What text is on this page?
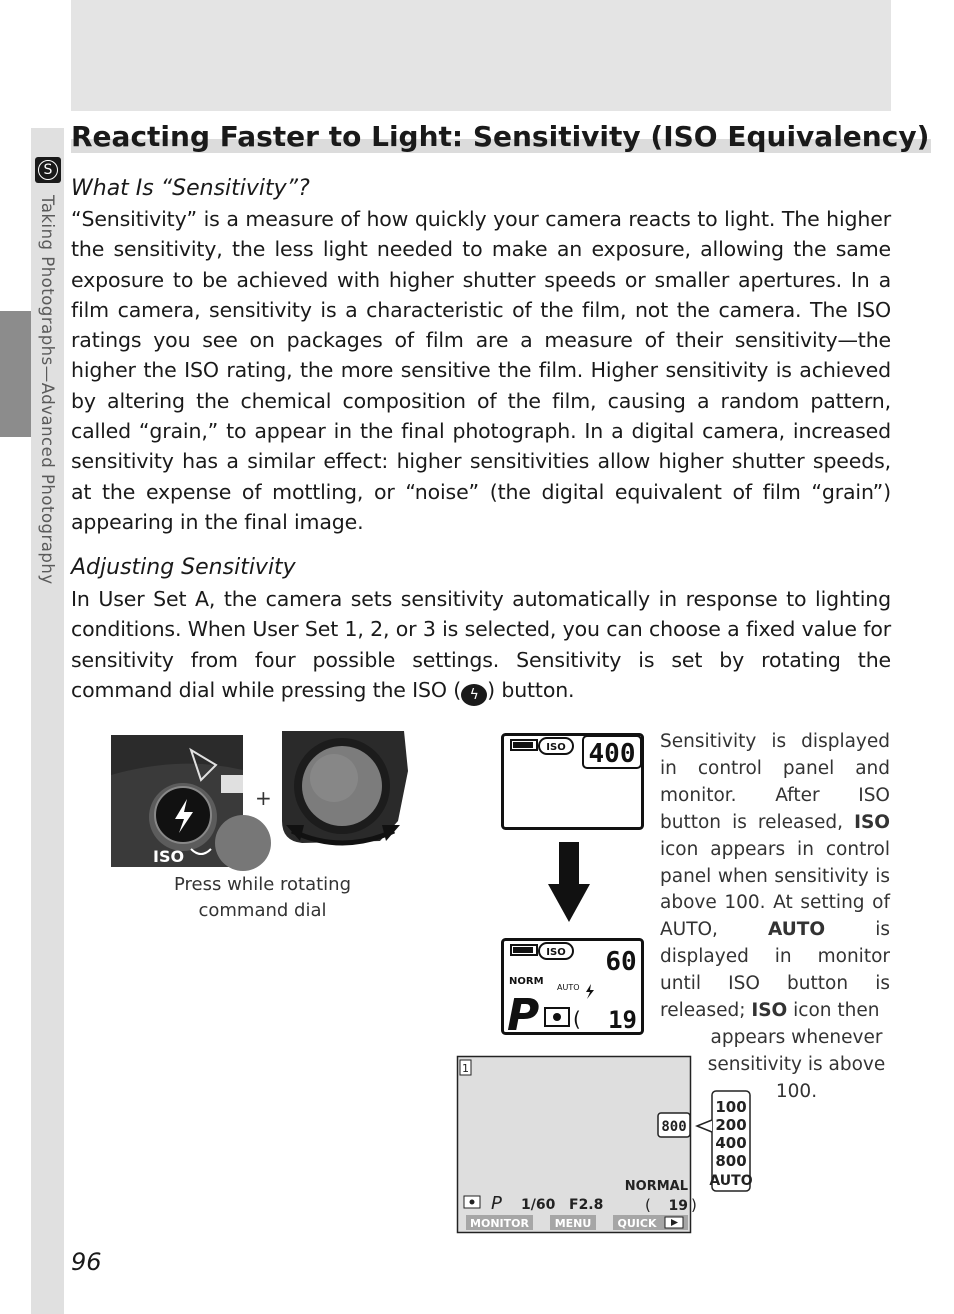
S
Taking Photographs—Advanced Photography
Reacting Faster to Light: Sensitivity (ISO Equivalency)
What Is “Sensitivity”?

“Sensitivity” is a measure of how quickly your camera reacts to light. The higher the sensitivity, the less light needed to make an exposure, allowing the same exposure to be achieved with higher shutter speeds or smaller apertures. In a film camera, sensitivity is a characteristic of the film, not the camera. The ISO ratings you see on packages of film are a measure of their sensitivity—the higher the ISO rating, the more sensitive the film. Higher sensitivity is achieved by altering the chemical composition of the film, causing a random pattern, called “grain,” to appear in the final photograph. In a digital camera, increased sensitivity has a similar effect: higher sensitivities allow higher shutter speeds, at the expense of mottling, or “noise” (the digital equivalent of film “grain”) appearing in the final image.

Adjusting Sensitivity

In User Set A, the camera sets sensitivity automatically in response to lighting conditions. When User Set 1, 2, or 3 is selected, you can choose a fixed value for sensitivity from four possible settings. Sensitivity is set by rotating the command dial while pressing the ISO ( ϟ ) button.

ISO
+
Press while rotating command dial
ISO 400
ISO 60
NORM
AUTO
P ( 19
1
800
P 1/60 F2.8
NORMAL
( 19 )
MONITOR MENU QUICK
100
200
400
800
AUTO
Sensitivity is displayed in control panel and monitor. After ISO button is released, ISO icon appears in control panel when sensitivity is above 100. At setting of AUTO, AUTO is displayed in monitor until ISO button is released; ISO icon then
appears whenever sensitivity is above 100.
96
